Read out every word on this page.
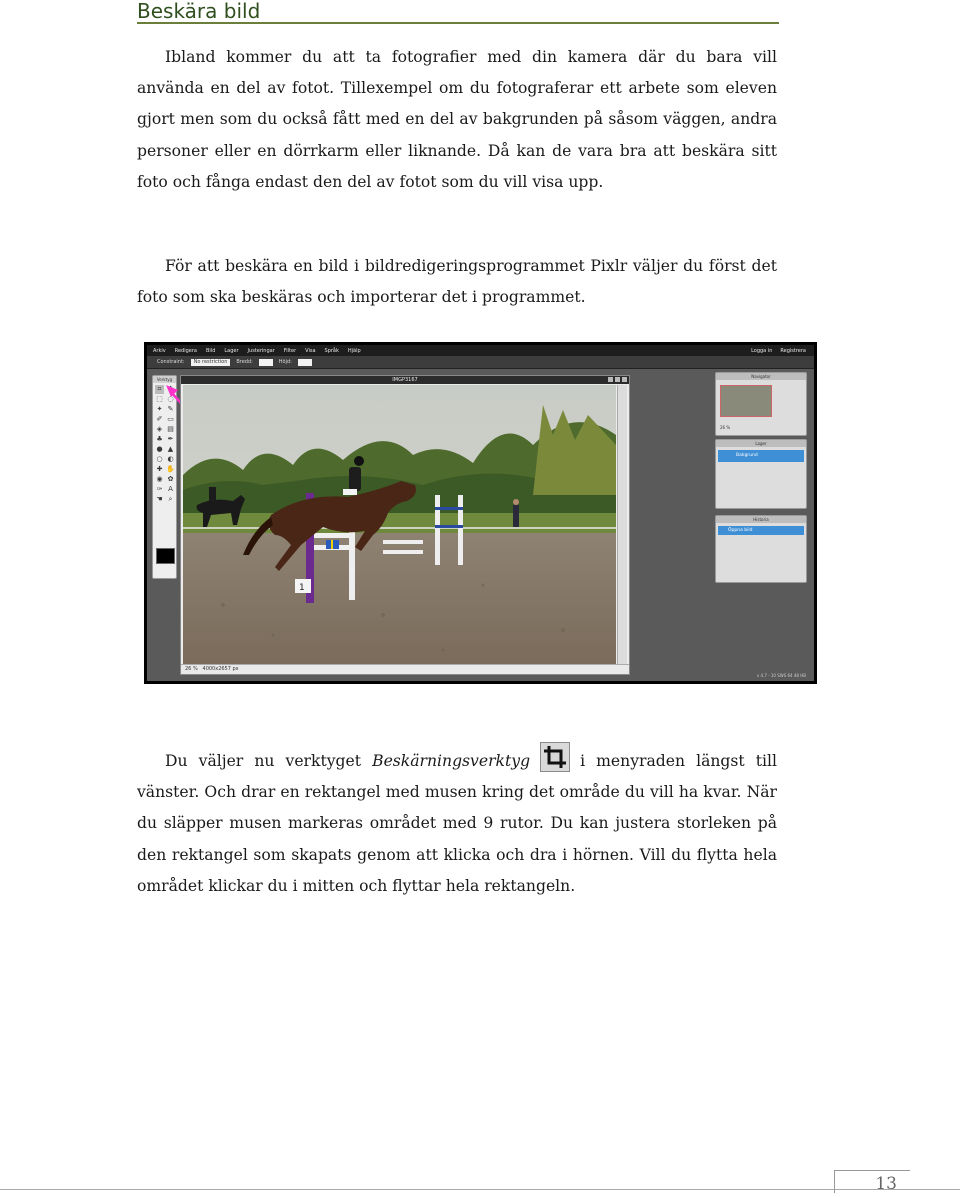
Beskära bild

Ibland kommer du att ta fotografier med din kamera där du bara vill använda en del av fotot. Tillexempel om du fotograferar ett arbete som eleven gjort men som du också fått med en del av bakgrunden på såsom väggen, andra personer eller en dörrkarm eller liknande. Då kan de vara bra att beskära sitt foto och fånga endast den del av fotot som du vill visa upp.

För att beskära en bild i bildredigeringsprogrammet Pixlr väljer du först det foto som ska beskäras och importerar det i programmet.

Arkiv Redigera Bild Lager Justeringar Filter Visa Språk Hjälp	Logga in Registrera
Constraint:	No restriction	Bredd:	​	Höjd:	​
Verktyg
⌗
⬚ ◌
✦ ✎
✐ ▭
◈ ▤
♣ ✒
● ▲
○ ◐
✚ ✋
◉ ✿
✑ A
☚ ⌕
IMGP3167
1
26 % 4000x2657 px
Navigator
26 %
Lager
Bakgrund
Historia
Öppna bild
v 4.7 - 10 SWS 64 48 HB

Du väljer nu verktyget Beskärningsverktyg	i menyraden längst till vänster. Och drar en rektangel med musen kring det område du vill ha kvar. När du släpper musen markeras området med 9 rutor. Du kan justera storleken på den rektangel som skapats genom att klicka och dra i hörnen. Vill du flytta hela området klickar du i mitten och flyttar hela rektangeln.

13
